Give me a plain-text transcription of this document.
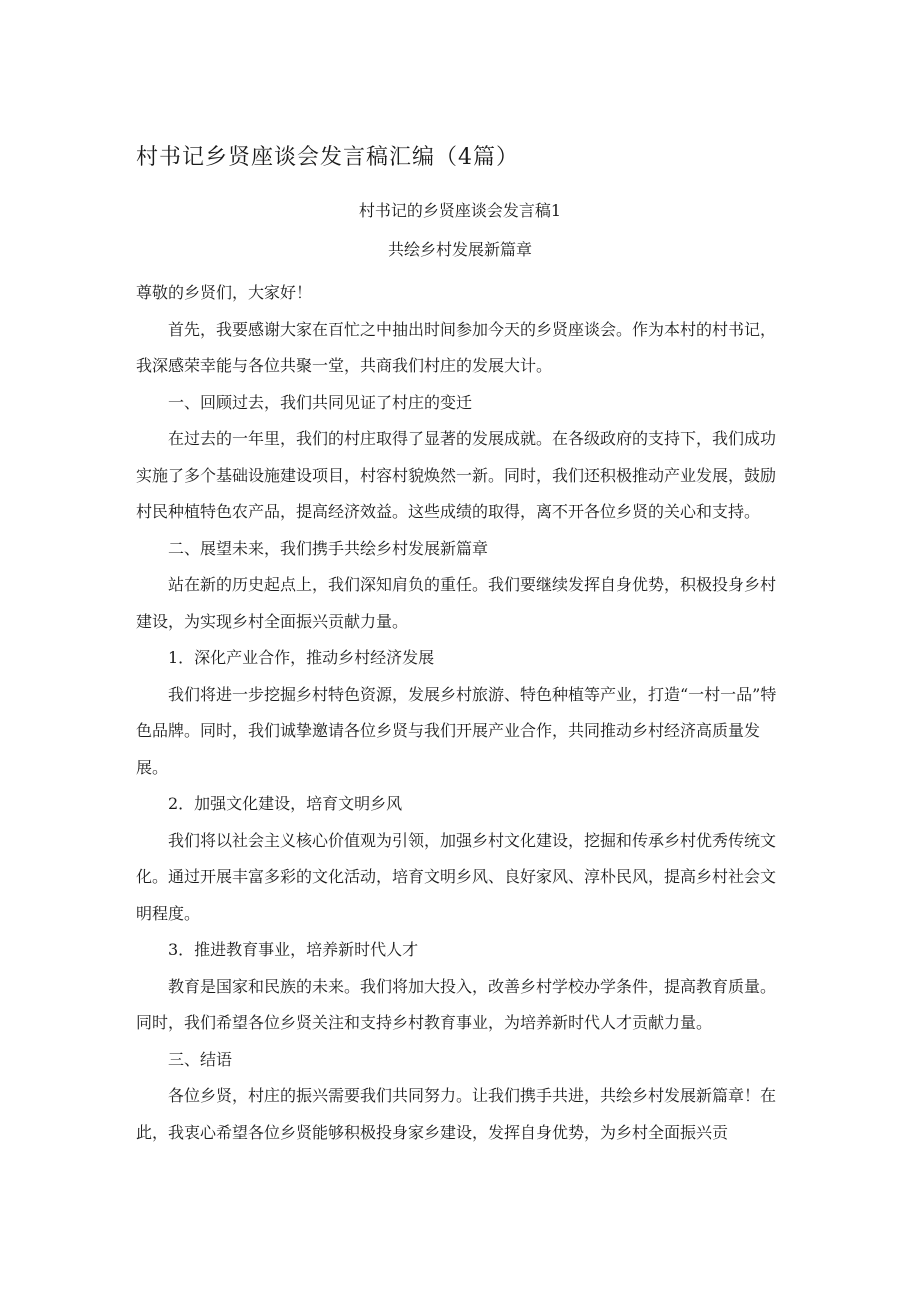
村书记乡贤座谈会发言稿汇编（4篇）
村书记的乡贤座谈会发言稿1
共绘乡村发展新篇章

尊敬的乡贤们，大家好！

首先，我要感谢大家在百忙之中抽出时间参加今天的乡贤座谈会。作为本村的村书记，我深感荣幸能与各位共聚一堂，共商我们村庄的发展大计。

一、回顾过去，我们共同见证了村庄的变迁

在过去的一年里，我们的村庄取得了显著的发展成就。在各级政府的支持下，我们成功实施了多个基础设施建设项目，村容村貌焕然一新。同时，我们还积极推动产业发展，鼓励村民种植特色农产品，提高经济效益。这些成绩的取得，离不开各位乡贤的关心和支持。

二、展望未来，我们携手共绘乡村发展新篇章

站在新的历史起点上，我们深知肩负的重任。我们要继续发挥自身优势，积极投身乡村建设，为实现乡村全面振兴贡献力量。

1．深化产业合作，推动乡村经济发展

我们将进一步挖掘乡村特色资源，发展乡村旅游、特色种植等产业，打造“一村一品”特色品牌。同时，我们诚挚邀请各位乡贤与我们开展产业合作，共同推动乡村经济高质量发展。

2．加强文化建设，培育文明乡风

我们将以社会主义核心价值观为引领，加强乡村文化建设，挖掘和传承乡村优秀传统文化。通过开展丰富多彩的文化活动，培育文明乡风、良好家风、淳朴民风，提高乡村社会文明程度。

3．推进教育事业，培养新时代人才

教育是国家和民族的未来。我们将加大投入，改善乡村学校办学条件，提高教育质量。同时，我们希望各位乡贤关注和支持乡村教育事业，为培养新时代人才贡献力量。

三、结语

各位乡贤，村庄的振兴需要我们共同努力。让我们携手共进，共绘乡村发展新篇章！在此，我衷心希望各位乡贤能够积极投身家乡建设，发挥自身优势，为乡村全面振兴贡
